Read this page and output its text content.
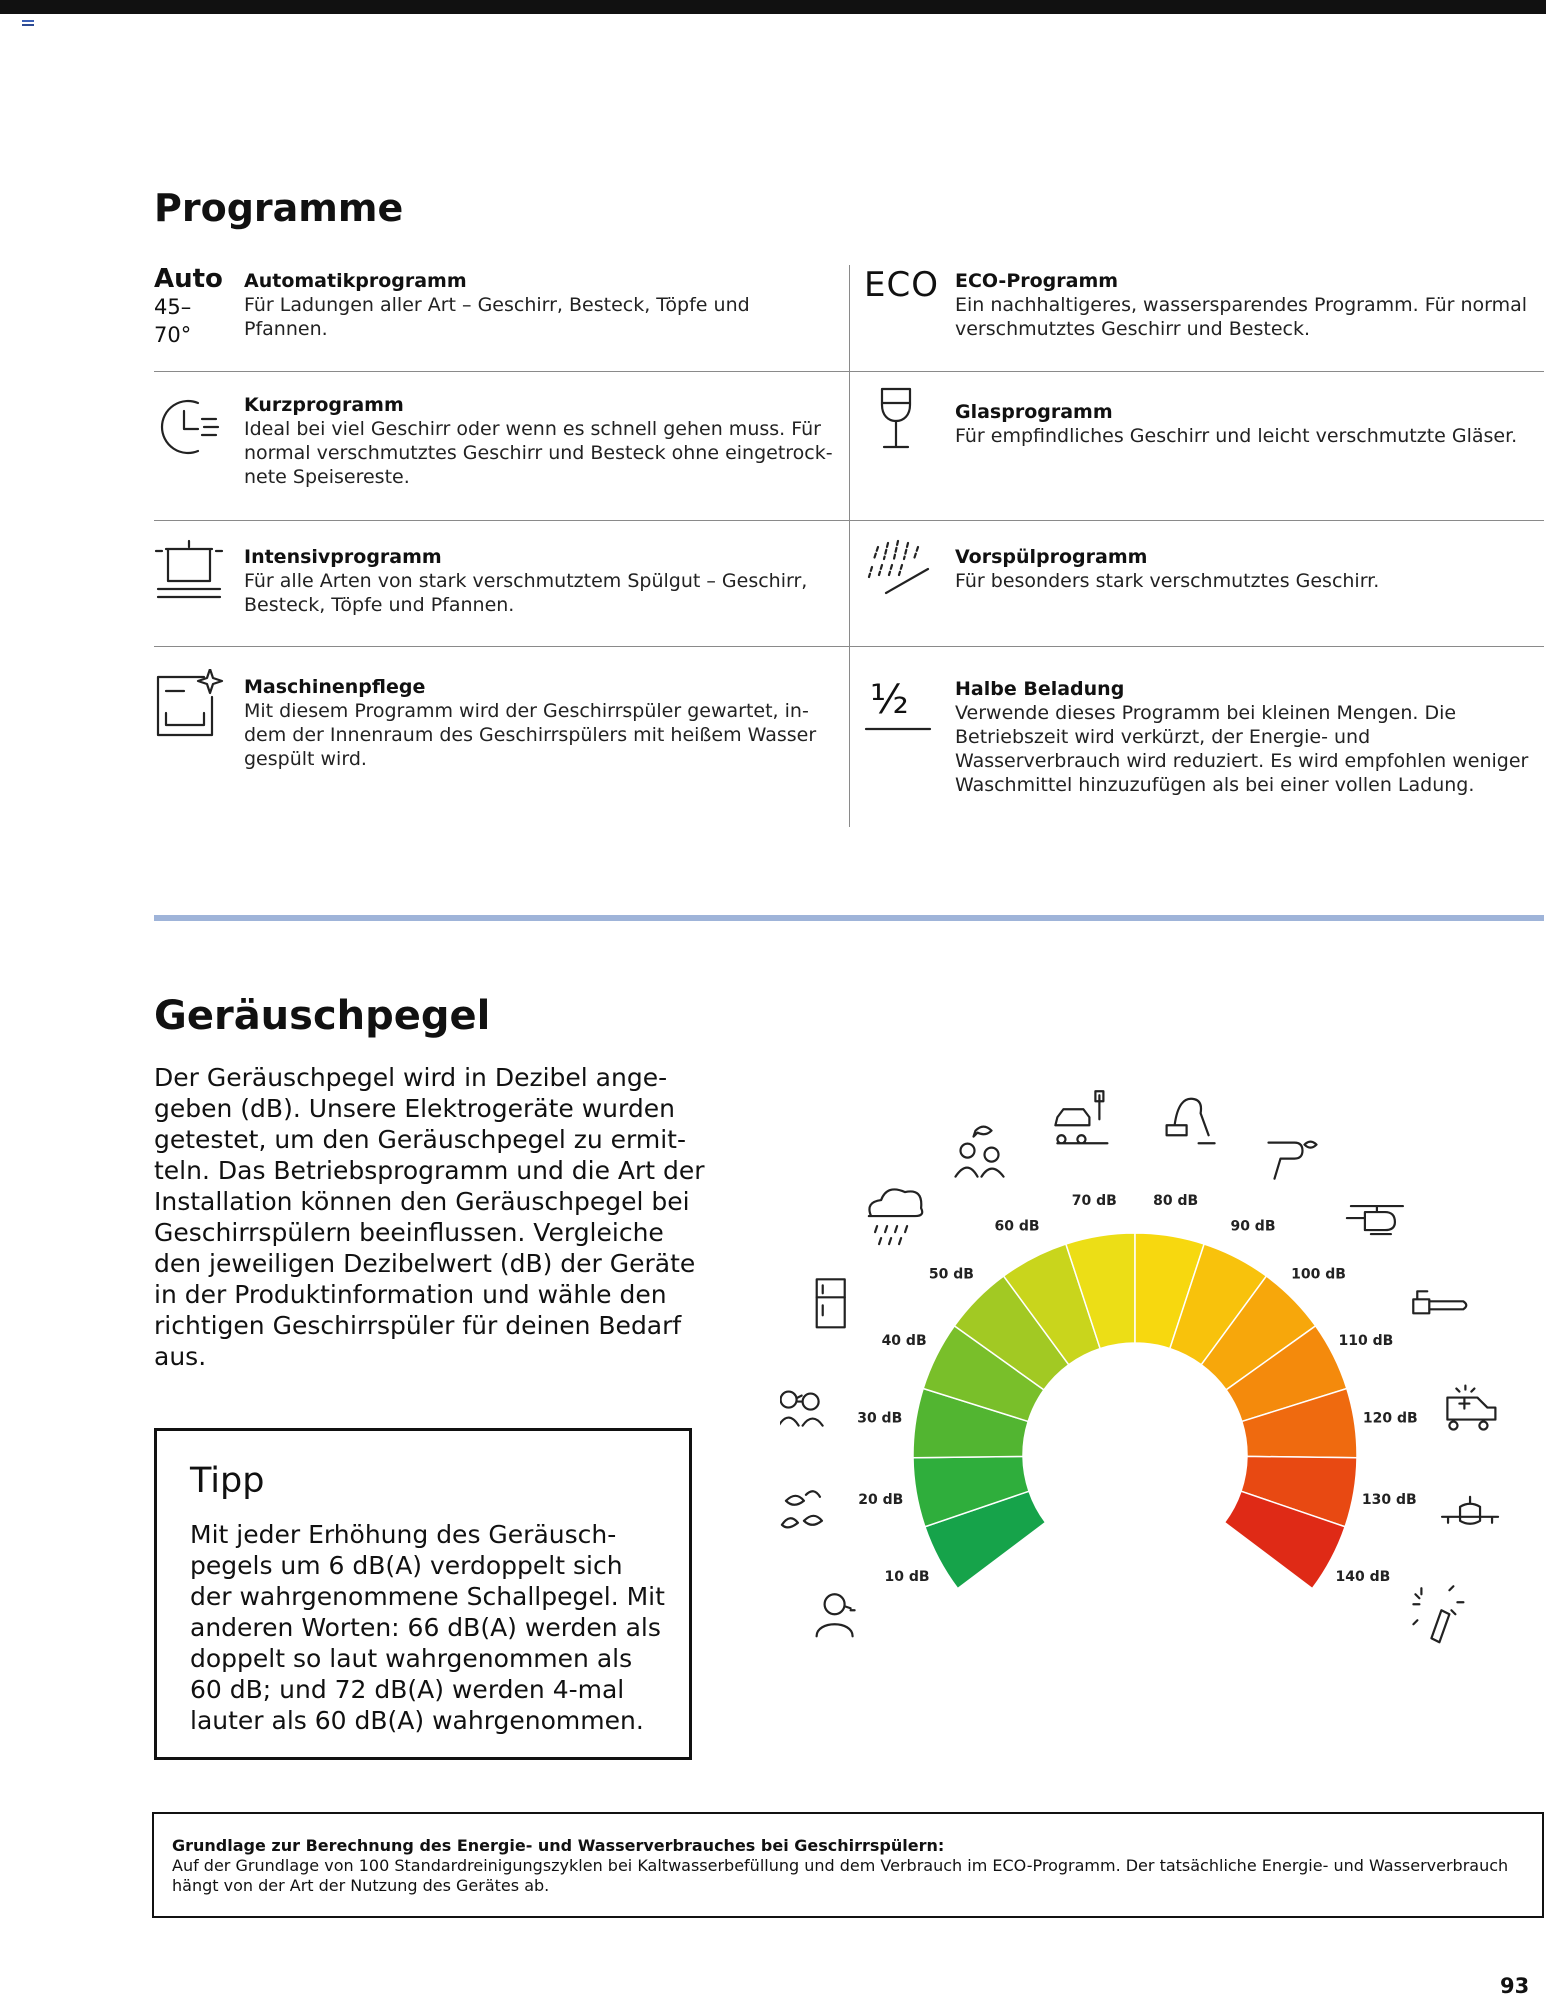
Programme
Auto
45–70°
Automatikprogramm
Für Ladungen aller Art – Geschirr, Besteck, Töpfe und Pfannen.
ECO ECO-Programm
Ein nachhaltigeres, wassersparendes Programm. Für normal verschmutztes Geschirr und Besteck.
Kurzprogramm
Ideal bei viel Geschirr oder wenn es schnell gehen muss. Für normal verschmutztes Geschirr und Besteck ohne eingetrocknete Speisereste.
Glasprogramm
Für empfindliches Geschirr und leicht verschmutzte Gläser.
Intensivprogramm
Für alle Arten von stark verschmutztem Spülgut – Geschirr, Besteck, Töpfe und Pfannen.
Vorspülprogramm
Für besonders stark verschmutztes Geschirr.
Maschinenpflege
Mit diesem Programm wird der Geschirrspüler gewartet, indem der Innenraum des Geschirrspülers mit heißem Wasser gespült wird.
½ Halbe Beladung
Verwende dieses Programm bei kleinen Mengen. Die Betriebszeit wird verkürzt, der Energie- und Wasserverbrauch wird reduziert. Es wird empfohlen weniger Waschmittel hinzuzufügen als bei einer vollen Ladung.
Geräuschpegel

Der Geräuschpegel wird in Dezibel angegeben (dB). Unsere Elektrogeräte wurden getestet, um den Geräuschpegel zu ermitteln. Das Betriebsprogramm und die Art der Installation können den Geräuschpegel bei Geschirrspülern beeinflussen. Vergleiche den jeweiligen Dezibelwert (dB) der Geräte in der Produktinformation und wähle den richtigen Geschirrspüler für deinen Bedarf aus.

Tipp

Mit jeder Erhöhung des Geräuschpegels um 6 dB(A) verdoppelt sich der wahrgenommene Schallpegel. Mit anderen Worten: 66 dB(A) werden als doppelt so laut wahrgenommen als 60 dB; und 72 dB(A) werden 4-mal lauter als 60 dB(A) wahrgenommen.

10 dB
20 dB
30 dB
40 dB
50 dB
60 dB
70 dB	80 dB
90 dB
100 dB
110 dB
120 dB
130 dB
140 dB
Grundlage zur Berechnung des Energie- und Wasserverbrauches bei Geschirrspülern:
Auf der Grundlage von 100 Standardreinigungszyklen bei Kaltwasserbefüllung und dem Verbrauch im ECO-Programm. Der tatsächliche Energie- und Wasserverbrauch hängt von der Art der Nutzung des Gerätes ab.
93
